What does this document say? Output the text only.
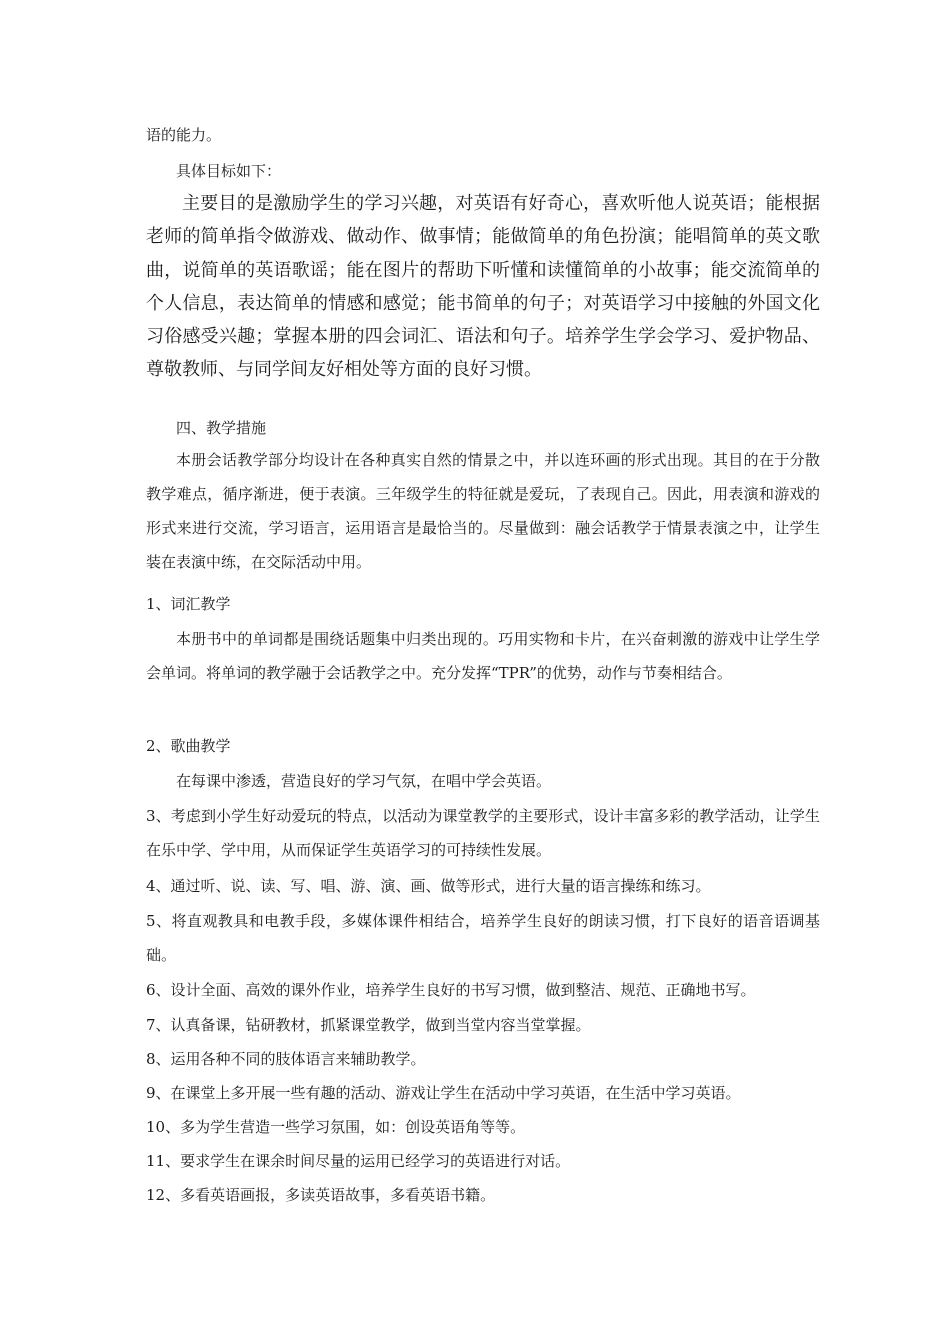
语的能力。

具体目标如下：

主要目的是激励学生的学习兴趣，对英语有好奇心，喜欢听他人说英语；能根据老师的简单指令做游戏、做动作、做事情；能做简单的角色扮演；能唱简单的英文歌曲，说简单的英语歌谣；能在图片的帮助下听懂和读懂简单的小故事；能交流简单的个人信息，表达简单的情感和感觉；能书简单的句子；对英语学习中接触的外国文化习俗感受兴趣；掌握本册的四会词汇、语法和句子。培养学生学会学习、爱护物品、尊敬教师、与同学间友好相处等方面的良好习惯。

四、教学措施

本册会话教学部分均设计在各种真实自然的情景之中，并以连环画的形式出现。其目的在于分散教学难点，循序渐进，便于表演。三年级学生的特征就是爱玩，了表现自己。因此，用表演和游戏的形式来进行交流，学习语言，运用语言是最恰当的。尽量做到：融会话教学于情景表演之中，让学生装在表演中练，在交际活动中用。

1、词汇教学

本册书中的单词都是围绕话题集中归类出现的。巧用实物和卡片，在兴奋刺激的游戏中让学生学会单词。将单词的教学融于会话教学之中。充分发挥“TPR”的优势，动作与节奏相结合。

2、歌曲教学

在每课中渗透，营造良好的学习气氛，在唱中学会英语。

3、考虑到小学生好动爱玩的特点，以活动为课堂教学的主要形式，设计丰富多彩的教学活动，让学生在乐中学、学中用，从而保证学生英语学习的可持续性发展。

4、通过听、说、读、写、唱、游、演、画、做等形式，进行大量的语言操练和练习。

5、将直观教具和电教手段，多媒体课件相结合，培养学生良好的朗读习惯，打下良好的语音语调基础。

6、设计全面、高效的课外作业，培养学生良好的书写习惯，做到整洁、规范、正确地书写。

7、认真备课，钻研教材，抓紧课堂教学，做到当堂内容当堂掌握。

8、运用各种不同的肢体语言来辅助教学。

9、在课堂上多开展一些有趣的活动、游戏让学生在活动中学习英语，在生活中学习英语。

10、多为学生营造一些学习氛围，如：创设英语角等等。

11、要求学生在课余时间尽量的运用已经学习的英语进行对话。

12、多看英语画报，多读英语故事，多看英语书籍。
